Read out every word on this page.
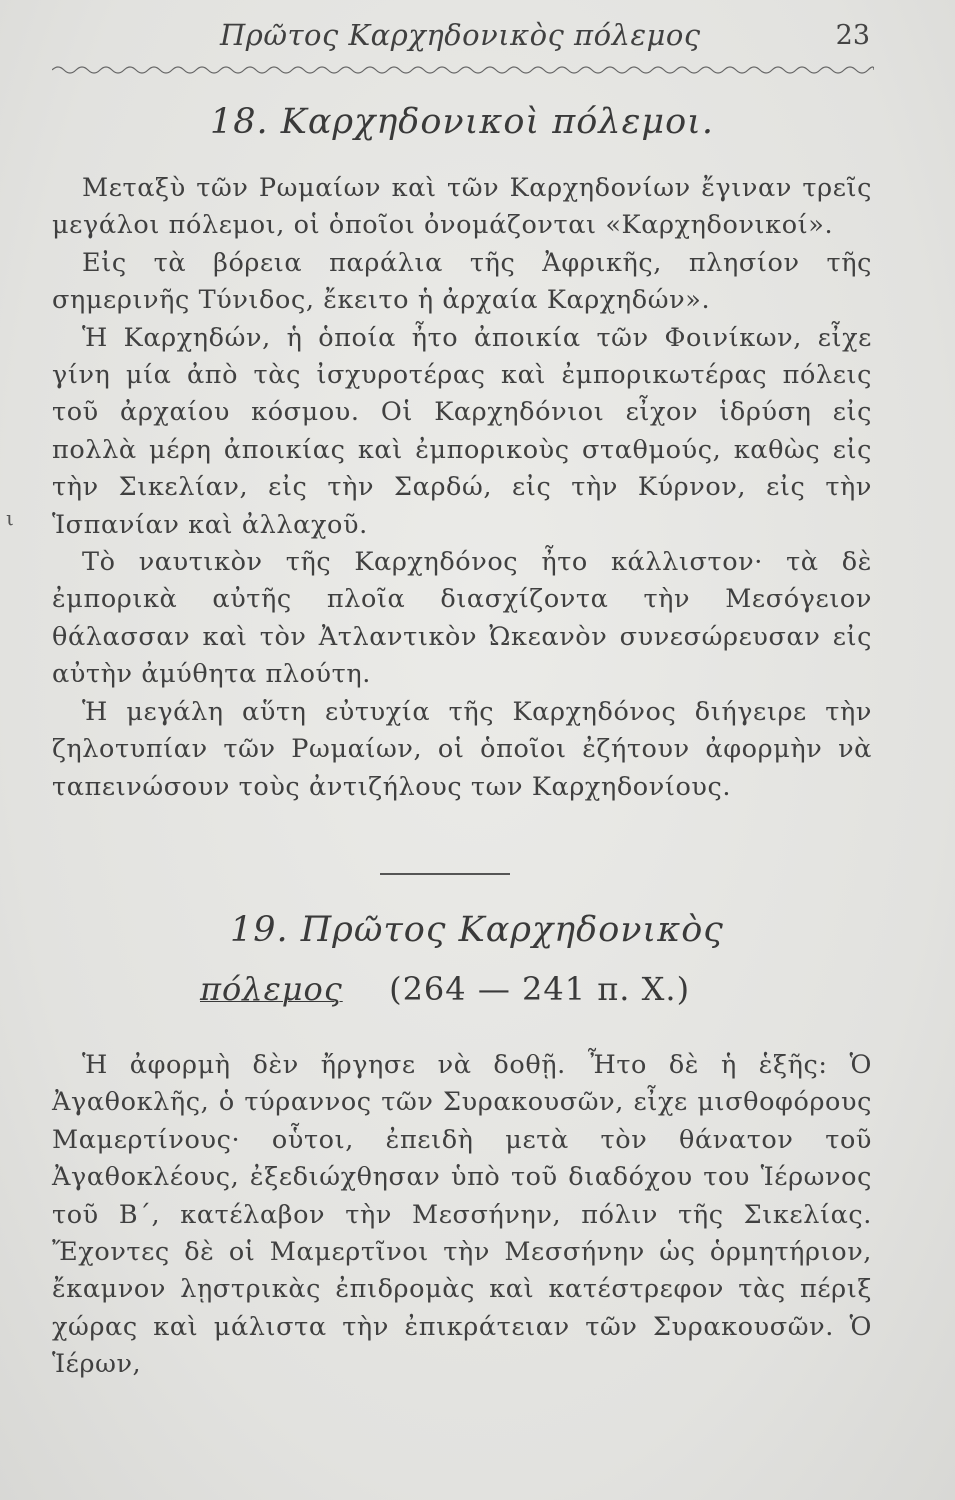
Πρῶτος Καρχηδονικὸς πόλεμος	23
18. Καρχηδονικοὶ πόλεμοι.

Μεταξὺ τῶν Ρωμαίων καὶ τῶν Καρχηδονίων ἔγιναν τρεῖς μεγάλοι πόλεμοι, οἱ ὁποῖοι ὀνομάζονται «Καρχηδονικοί».

Εἰς τὰ βόρεια παράλια τῆς Ἀφρικῆς, πλησίον τῆς σημερινῆς Τύνιδος, ἔκειτο ἡ ἀρχαία Καρχηδών».

Ἡ Καρχηδών, ἡ ὁποία ἦτο ἀποικία τῶν Φοινίκων, εἶχε γίνη μία ἀπὸ τὰς ἰσχυροτέρας καὶ ἐμπορικωτέρας πόλεις τοῦ ἀρχαίου κόσμου. Οἱ Καρχηδόνιοι εἶχον ἱδρύση εἰς πολλὰ μέρη ἀποικίας καὶ ἐμπορικοὺς σταθμούς, καθὼς εἰς τὴν Σικελίαν, εἰς τὴν Σαρδώ, εἰς τὴν Κύρνον, εἰς τὴν Ἱσπανίαν καὶ ἀλλαχοῦ.

Τὸ ναυτικὸν τῆς Καρχηδόνος ἦτο κάλλιστον· τὰ δὲ ἐμπορικὰ αὐτῆς πλοῖα διασχίζοντα τὴν Μεσόγειον θάλασσαν καὶ τὸν Ἀτλαντικὸν Ὠκεανὸν συνεσώρευσαν εἰς αὐτὴν ἀμύθητα πλούτη.

Ἡ μεγάλη αὕτη εὐτυχία τῆς Καρχηδόνος διήγειρε τὴν ζηλοτυπίαν τῶν Ρωμαίων, οἱ ὁποῖοι ἐζήτουν ἀφορμὴν νὰ ταπεινώσουν τοὺς ἀντιζήλους των Καρχηδονίους.

19. Πρῶτος Καρχηδονικὸς
πόλεμος (264 — 241 π. Χ.)

Ἡ ἀφορμὴ δὲν ἤργησε νὰ δοθῇ. Ἦτο δὲ ἡ ἑξῆς: Ὁ Ἀγαθοκλῆς, ὁ τύραννος τῶν Συρακουσῶν, εἶχε μισθοφόρους Μαμερτίνους· οὗτοι, ἐπειδὴ μετὰ τὸν θάνατον τοῦ Ἀγαθοκλέους, ἐξεδιώχθησαν ὑπὸ τοῦ διαδόχου του Ἱέρωνος τοῦ Β΄, κατέλαβον τὴν Μεσσήνην, πόλιν τῆς Σικελίας. Ἔχοντες δὲ οἱ Μαμερτῖνοι τὴν Μεσσήνην ὡς ὁρμητήριον, ἔκαμνον λῃστρικὰς ἐπιδρομὰς καὶ κατέστρεφον τὰς πέριξ χώρας καὶ μάλιστα τὴν ἐπικράτειαν τῶν Συρακουσῶν. Ὁ Ἱέρων,

ι
